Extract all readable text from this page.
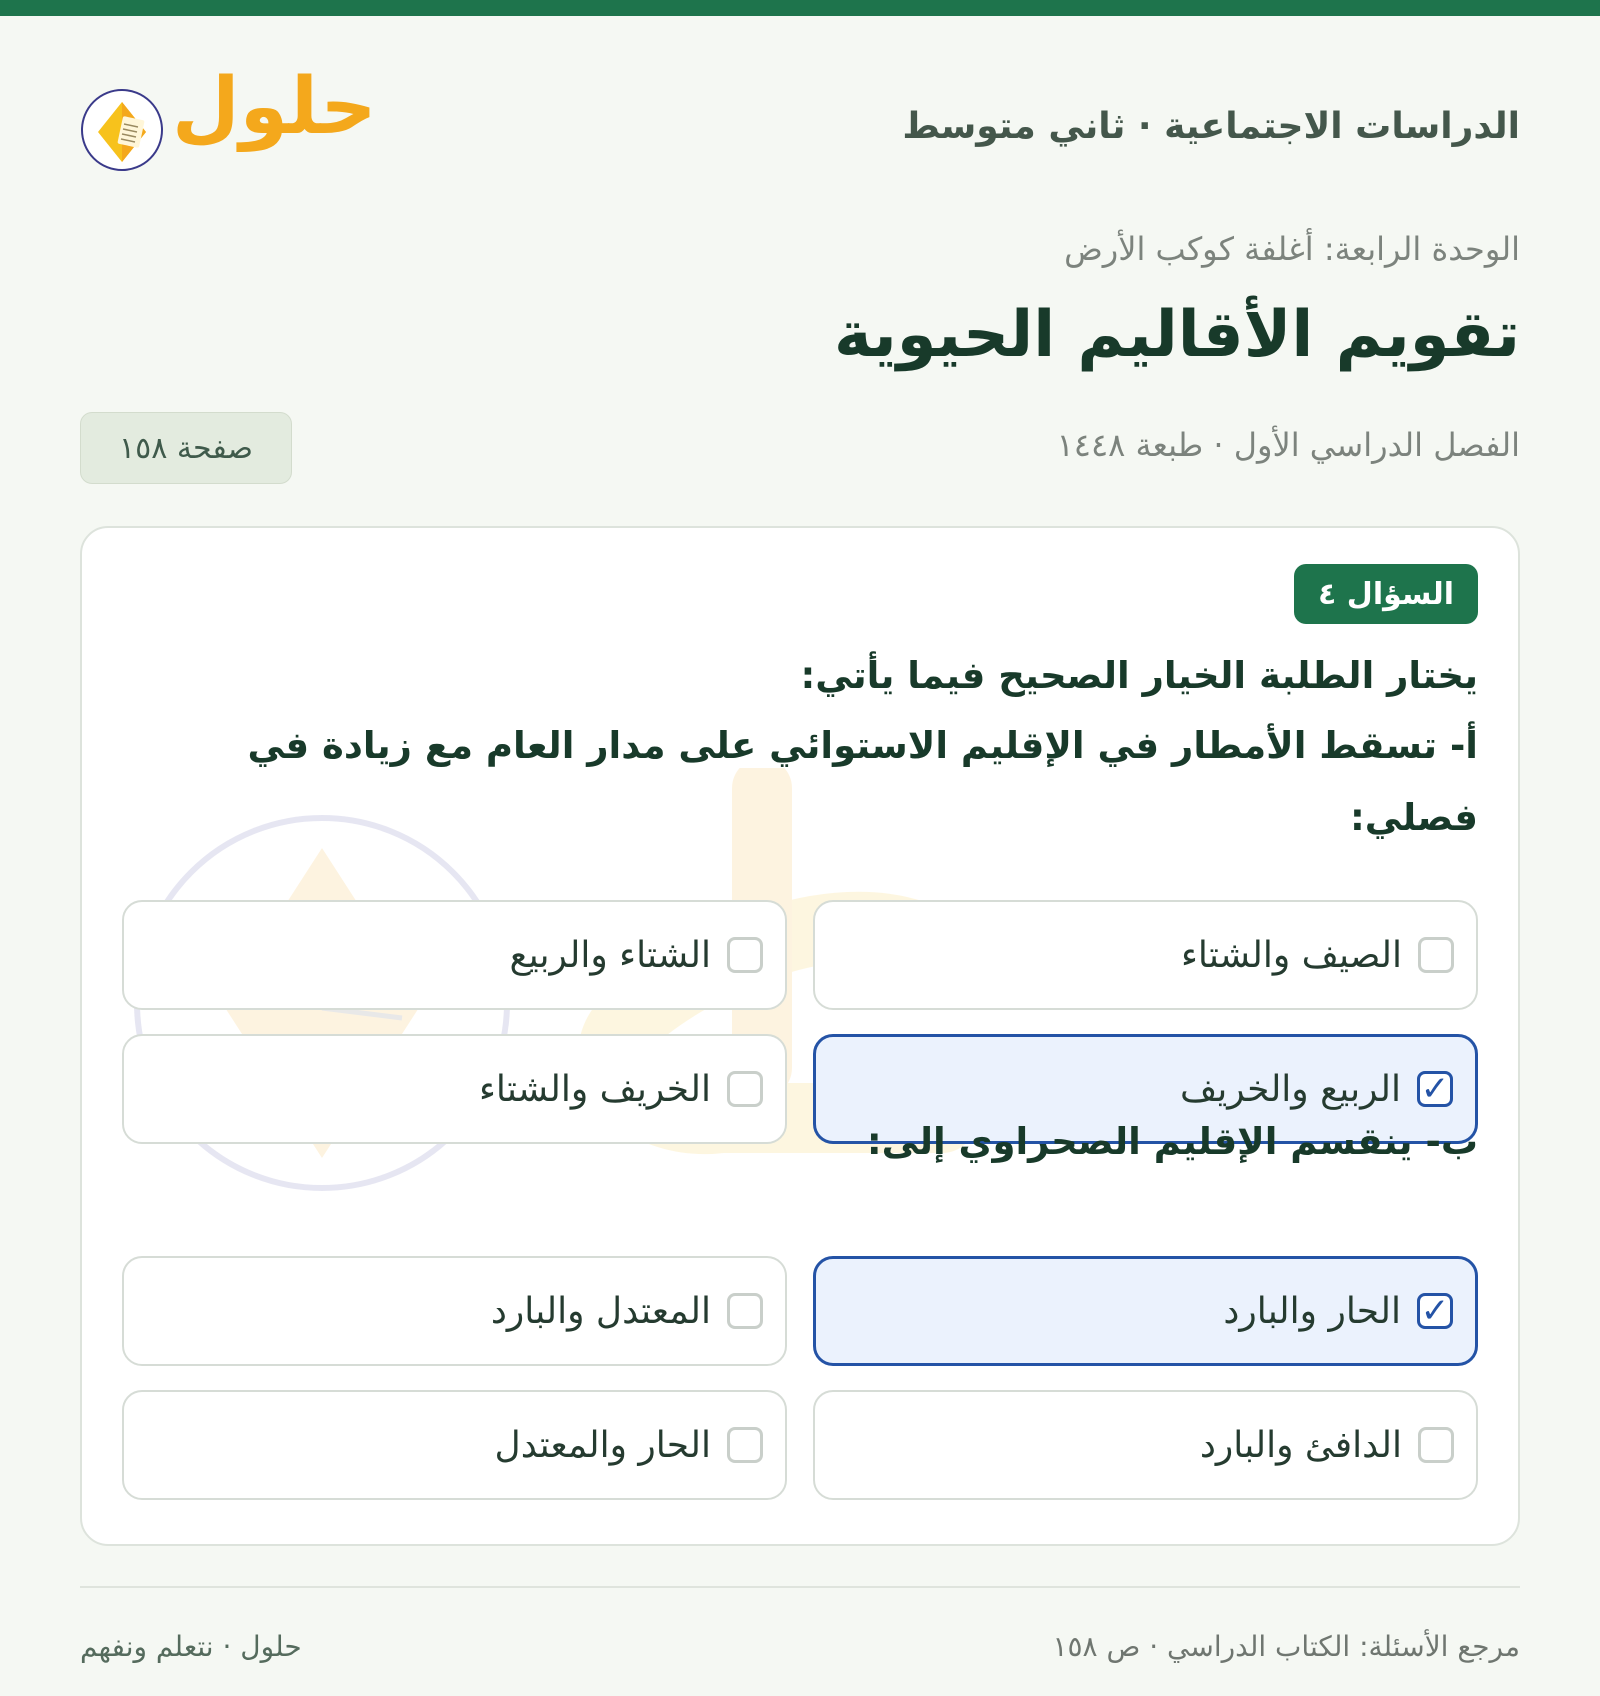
الدراسات الاجتماعية · ثاني متوسط
حلول
الوحدة الرابعة: أغلفة كوكب الأرض
تقويم الأقاليم الحيوية
الفصل الدراسي الأول · طبعة ١٤٤٨
صفحة ١٥٨
السؤال ٤

يختار الطلبة الخيار الصحيح فيما يأتي:

أ- تسقط الأمطار في الإقليم الاستوائي على مدار العام مع زيادة في فصلي:

الصيف والشتاء
الشتاء والربيع
✓
الربيع والخريف
الخريف والشتاء

ب- ينقسم الإقليم الصحراوي إلى:

✓
الحار والبارد
المعتدل والبارد
الدافئ والبارد
الحار والمعتدل
مرجع الأسئلة: الكتاب الدراسي · ص ١٥٨
حلول · نتعلم ونفهم
